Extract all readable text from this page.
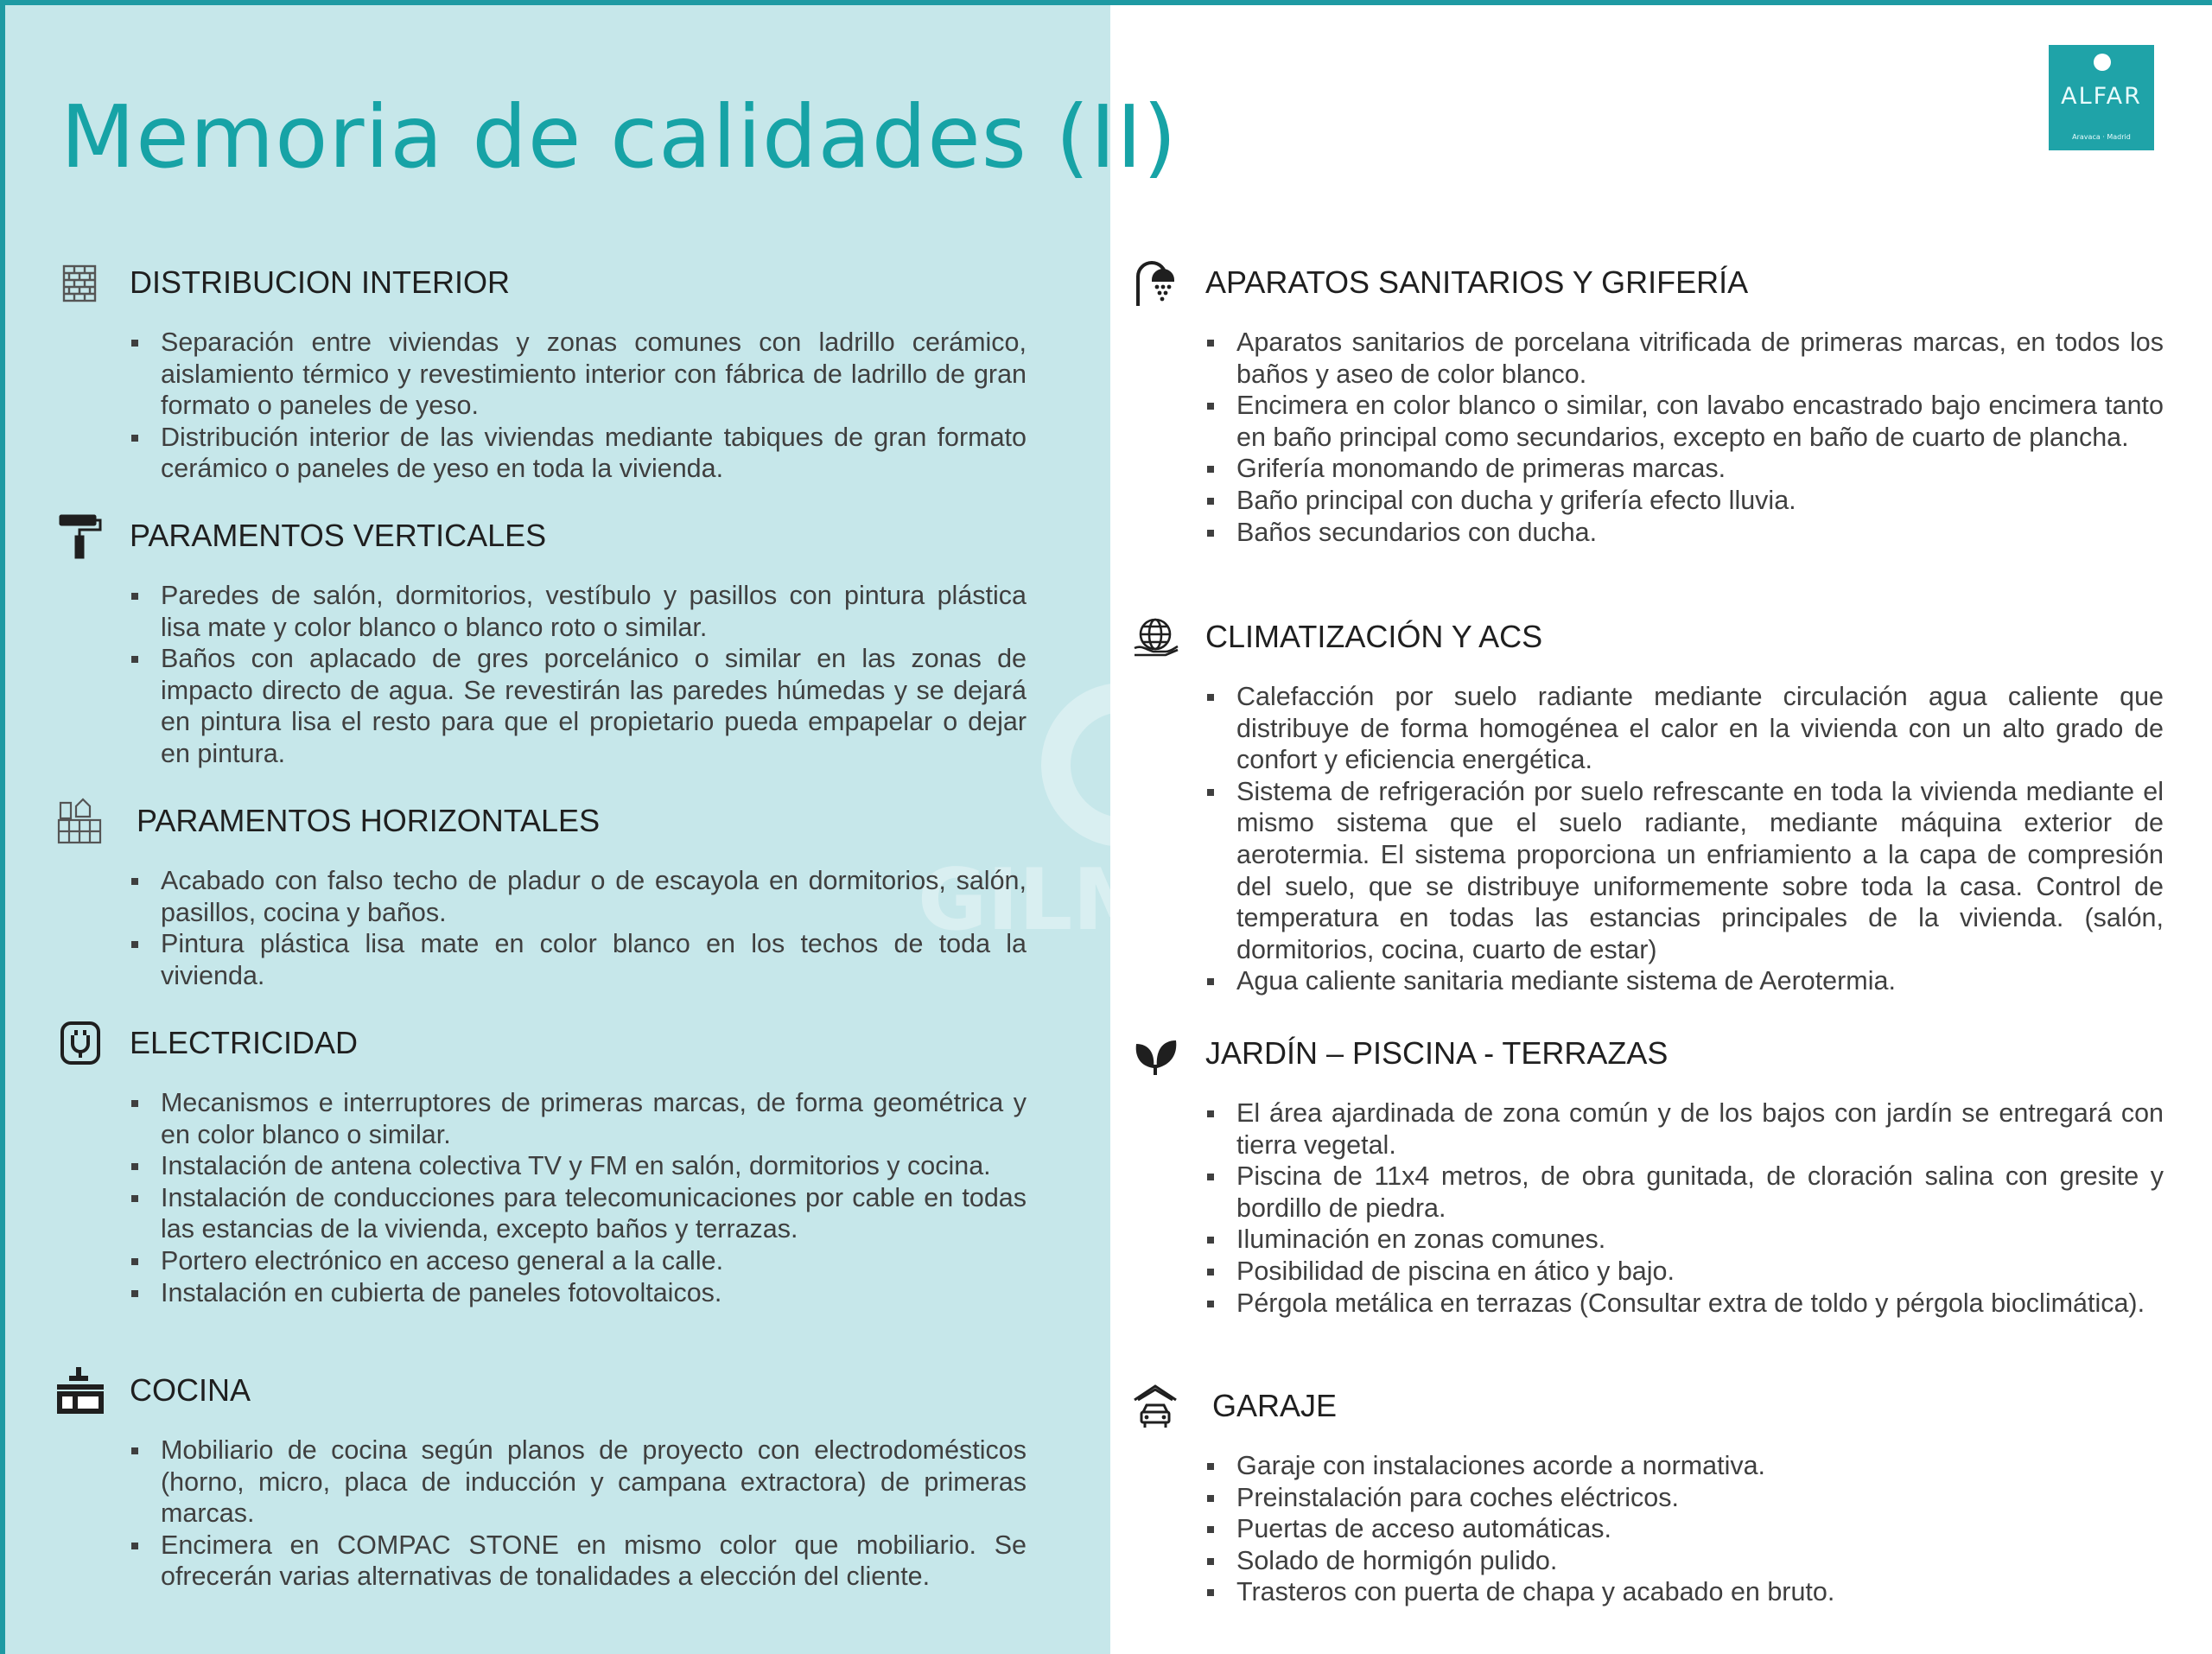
GILM
Memoria de calidades (II)	ALFAR
Aravaca · Madrid
DISTRIBUCION INTERIOR
Separación entre viviendas y zonas comunes con ladrillo cerámico, aislamiento térmico y revestimiento interior con fábrica de ladrillo de gran formato o paneles de yeso.
Distribución interior de las viviendas mediante tabiques de gran formato cerámico o paneles de yeso en toda la vivienda.
PARAMENTOS VERTICALES
Paredes de salón, dormitorios, vestíbulo y pasillos con pintura plástica lisa mate y color blanco o blanco roto o similar.
Baños con aplacado de gres porcelánico o similar en las zonas de impacto directo de agua. Se revestirán las paredes húmedas y se dejará en pintura lisa el resto para que el propietario pueda empapelar o dejar en pintura.
PARAMENTOS HORIZONTALES
Acabado con falso techo de pladur o de escayola en dormitorios, salón, pasillos, cocina y baños.
Pintura plástica lisa mate en color blanco en los techos de toda la vivienda.
ELECTRICIDAD
Mecanismos e interruptores de primeras marcas, de forma geométrica y en color blanco o similar.
Instalación de antena colectiva TV y FM en salón, dormitorios y cocina.
Instalación de conducciones para telecomunicaciones por cable en todas las estancias de la vivienda, excepto baños y terrazas.
Portero electrónico en acceso general a la calle.
Instalación en cubierta de paneles fotovoltaicos.
COCINA
Mobiliario de cocina según planos de proyecto con electrodomésticos (horno, micro, placa de inducción y campana extractora) de primeras marcas.
Encimera en COMPAC STONE en mismo color que mobiliario. Se ofrecerán varias alternativas de tonalidades a elección del cliente.
APARATOS SANITARIOS Y GRIFERÍA
Aparatos sanitarios de porcelana vitrificada de primeras marcas, en todos los baños y aseo de color blanco.
Encimera en color blanco o similar, con lavabo encastrado bajo encimera tanto en baño principal como secundarios, excepto en baño de cuarto de plancha.
Grifería monomando de primeras marcas.
Baño principal con ducha y grifería efecto lluvia.
Baños secundarios con ducha.
CLIMATIZACIÓN Y ACS
Calefacción por suelo radiante mediante circulación agua caliente que distribuye de forma homogénea el calor en la vivienda con un alto grado de confort y eficiencia energética.
Sistema de refrigeración por suelo refrescante en toda la vivienda mediante el mismo sistema que el suelo radiante, mediante máquina exterior de aerotermia. El sistema proporciona un enfriamiento a la capa de compresión del suelo, que se distribuye uniformemente sobre toda la casa. Control de temperatura en todas las estancias principales de la vivienda. (salón, dormitorios, cocina, cuarto de estar)
Agua caliente sanitaria mediante sistema de Aerotermia.
JARDÍN – PISCINA - TERRAZAS
El área ajardinada de zona común y de los bajos con jardín se entregará con tierra vegetal.
Piscina de 11x4 metros, de obra gunitada, de cloración salina con gresite y bordillo de piedra.
Iluminación en zonas comunes.
Posibilidad de piscina en ático y bajo.
Pérgola metálica en terrazas (Consultar extra de toldo y pérgola bioclimática).
GARAJE
Garaje con instalaciones acorde a normativa.
Preinstalación para coches eléctricos.
Puertas de acceso automáticas.
Solado de hormigón pulido.
Trasteros con puerta de chapa y acabado en bruto.
